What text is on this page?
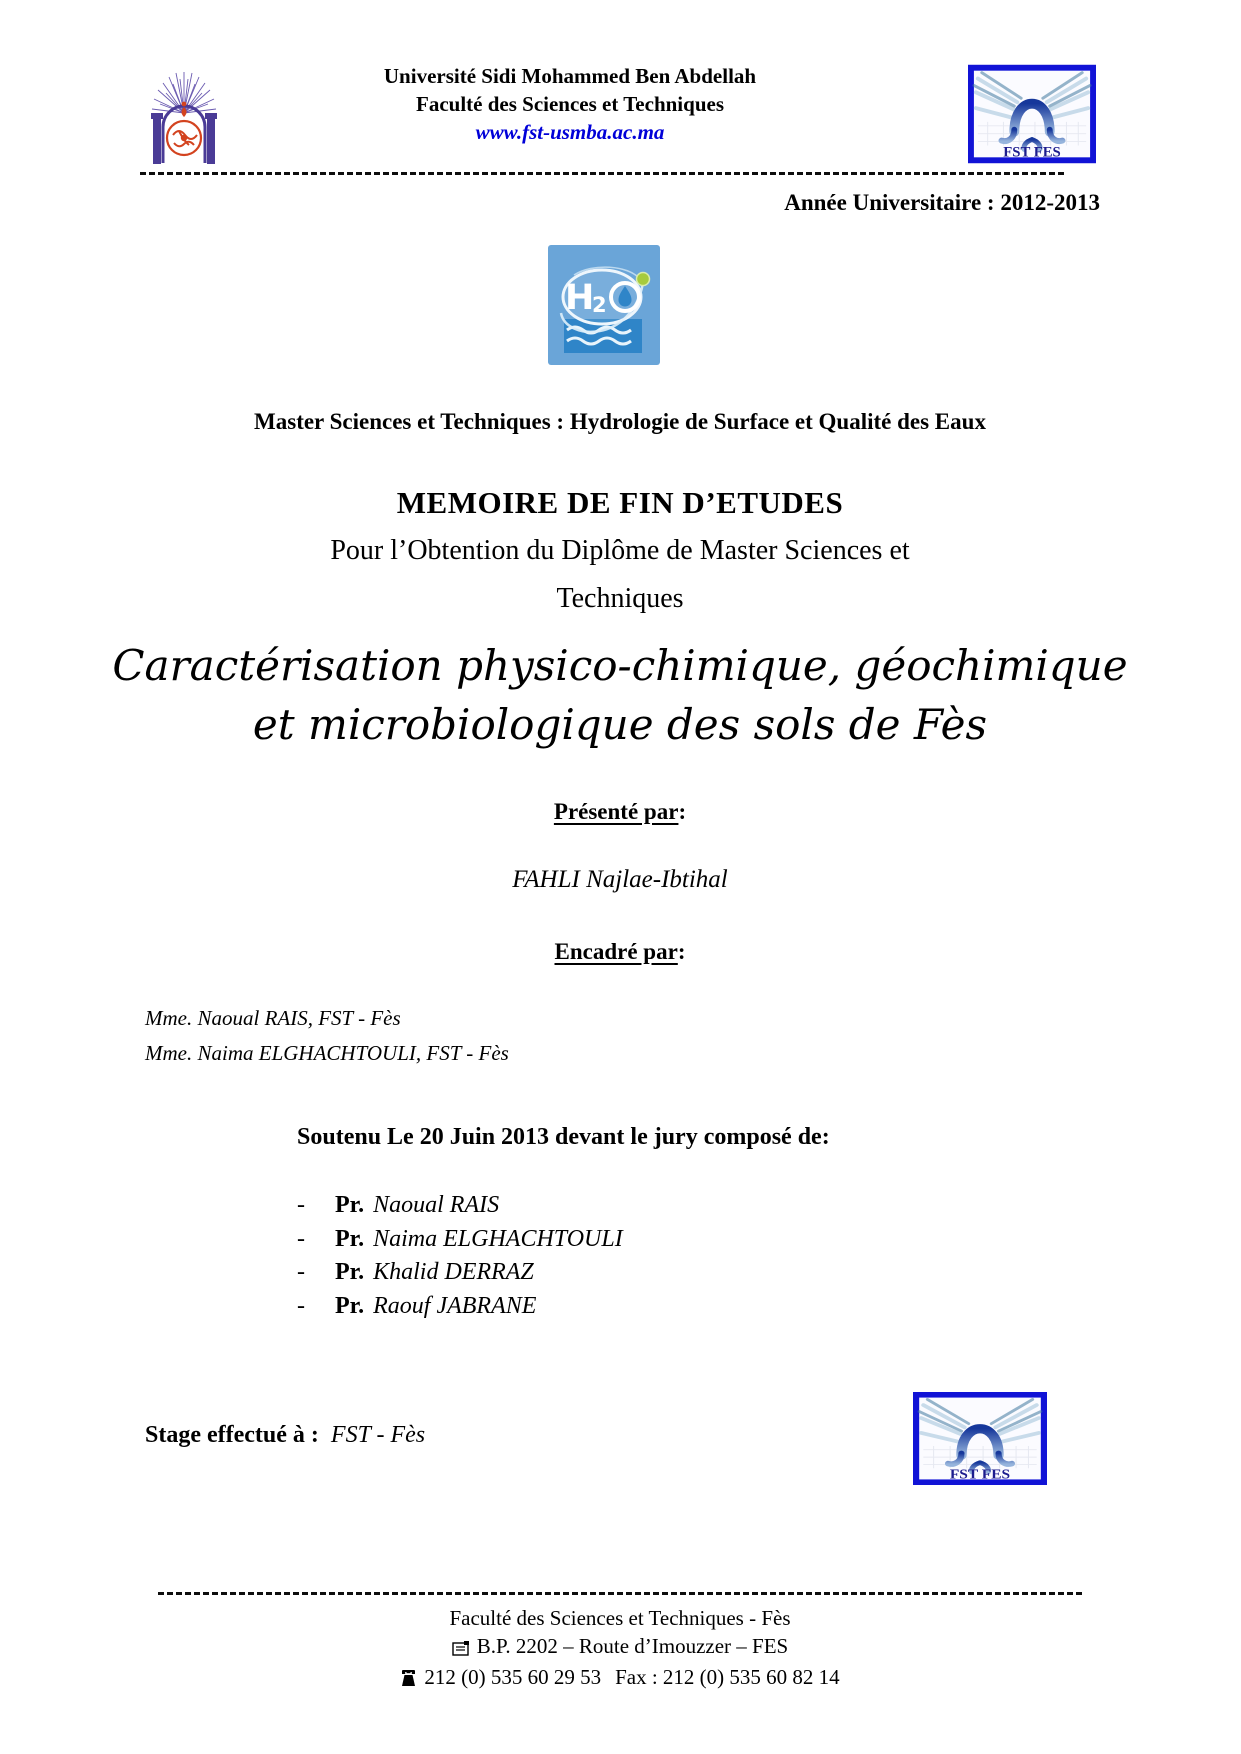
Université Sidi Mohammed Ben Abdellah
Faculté des Sciences et Techniques
www.fst-usmba.ac.ma
FST FES
Année Universitaire : 2012-2013
H
2
Master Sciences et Techniques : Hydrologie de Surface et Qualité des Eaux
MEMOIRE DE FIN D’ETUDES
Pour l’Obtention du Diplôme de Master Sciences et
Techniques
Caractérisation physico-chimique, géochimique
et microbiologique des sols de Fès
Présenté par:
FAHLI Najlae-Ibtihal
Encadré par:
Mme. Naoual RAIS, FST - Fès
Mme. Naima ELGHACHTOULI, FST - Fès
Soutenu Le 20 Juin 2013 devant le jury composé de:
-	Pr. Naoual RAIS
-	Pr. Naima ELGHACHTOULI
-	Pr. Khalid DERRAZ
-	Pr. Raouf JABRANE
Stage effectué à : FST - Fès
FST FES
Faculté des Sciences et Techniques - Fès
B.P. 2202 – Route d’Imouzzer – FES
212 (0) 535 60 29 53 Fax : 212 (0) 535 60 82 14
